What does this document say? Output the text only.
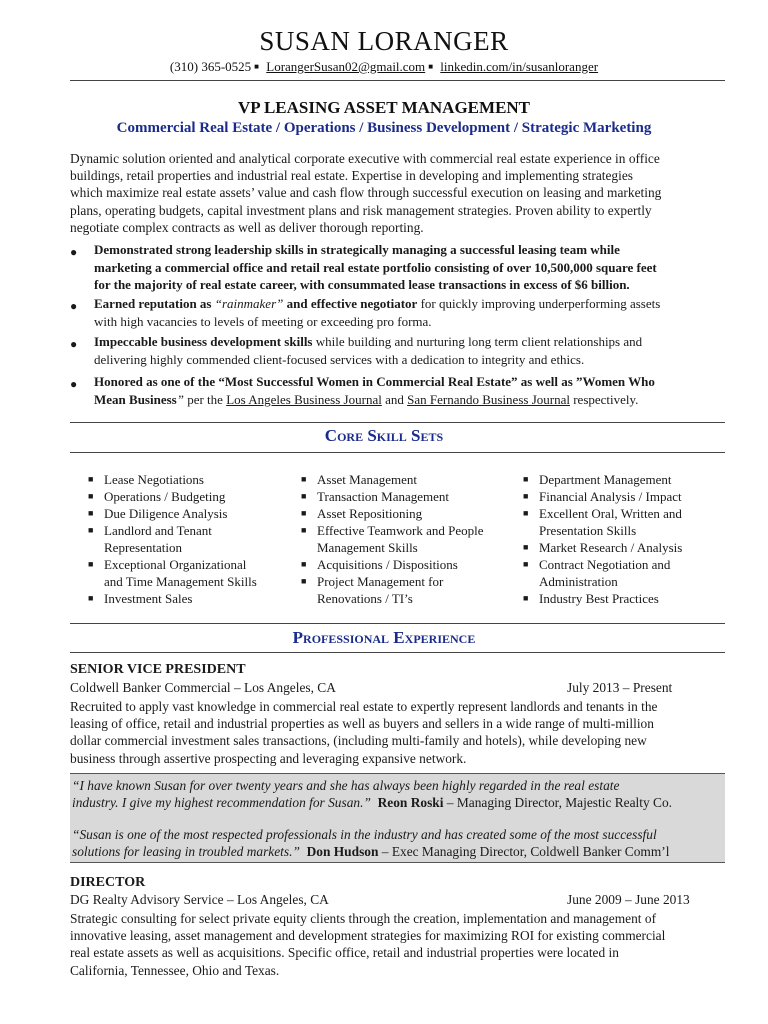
SUSAN LORANGER
(310) 365-0525 ■ LorangerSusan02@gmail.com ■ linkedin.com/in/susanloranger
VP LEASING ASSET MANAGEMENT
Commercial Real Estate / Operations / Business Development / Strategic Marketing
Dynamic solution oriented and analytical corporate executive with commercial real estate experience in office
buildings, retail properties and industrial real estate. Expertise in developing and implementing strategies
which maximize real estate assets’ value and cash flow through successful execution on leasing and marketing
plans, operating budgets, capital investment plans and risk management strategies. Proven ability to expertly
negotiate complex contracts as well as deliver thorough reporting.
● Demonstrated strong leadership skills in strategically managing a successful leasing team while
marketing a commercial office and retail real estate portfolio consisting of over 10,500,000 square feet
for the majority of real estate career, with consummated lease transactions in excess of $6 billion.
● Earned reputation as “rainmaker” and effective negotiator for quickly improving underperforming assets
with high vacancies to levels of meeting or exceeding pro forma.
● Impeccable business development skills while building and nurturing long term client relationships and
delivering highly commended client-focused services with a dedication to integrity and ethics.
● Honored as one of the “Most Successful Women in Commercial Real Estate” as well as ”Women Who
Mean Business” per the Los Angeles Business Journal and San Fernando Business Journal respectively.
Core Skill Sets
■ Lease Negotiations
■ Operations / Budgeting
■ Due Diligence Analysis
■ Landlord and Tenant
Representation
■ Exceptional Organizational
and Time Management Skills
■ Investment Sales
■ Asset Management
■ Transaction Management
■ Asset Repositioning
■ Effective Teamwork and People
Management Skills
■ Acquisitions / Dispositions
■ Project Management for
Renovations / TI’s
■ Department Management
■ Financial Analysis / Impact
■ Excellent Oral, Written and
Presentation Skills
■ Market Research / Analysis
■ Contract Negotiation and
Administration
■ Industry Best Practices
Professional Experience
SENIOR VICE PRESIDENT
Coldwell Banker Commercial – Los Angeles, CA	July 2013 – Present
Recruited to apply vast knowledge in commercial real estate to expertly represent landlords and tenants in the
leasing of office, retail and industrial properties as well as buyers and sellers in a wide range of multi-million
dollar commercial investment sales transactions, (including multi-family and hotels), while developing new
business through assertive prospecting and leveraging expansive network.
“I have known Susan for over twenty years and she has always been highly regarded in the real estate
industry. I give my highest recommendation for Susan.” Reon Roski – Managing Director, Majestic Realty Co.
“Susan is one of the most respected professionals in the industry and has created some of the most successful
solutions for leasing in troubled markets.” Don Hudson – Exec Managing Director, Coldwell Banker Comm’l
DIRECTOR
DG Realty Advisory Service – Los Angeles, CA	June 2009 – June 2013
Strategic consulting for select private equity clients through the creation, implementation and management of
innovative leasing, asset management and development strategies for maximizing ROI for existing commercial
real estate assets as well as acquisitions. Specific office, retail and industrial properties were located in
California, Tennessee, Ohio and Texas.
